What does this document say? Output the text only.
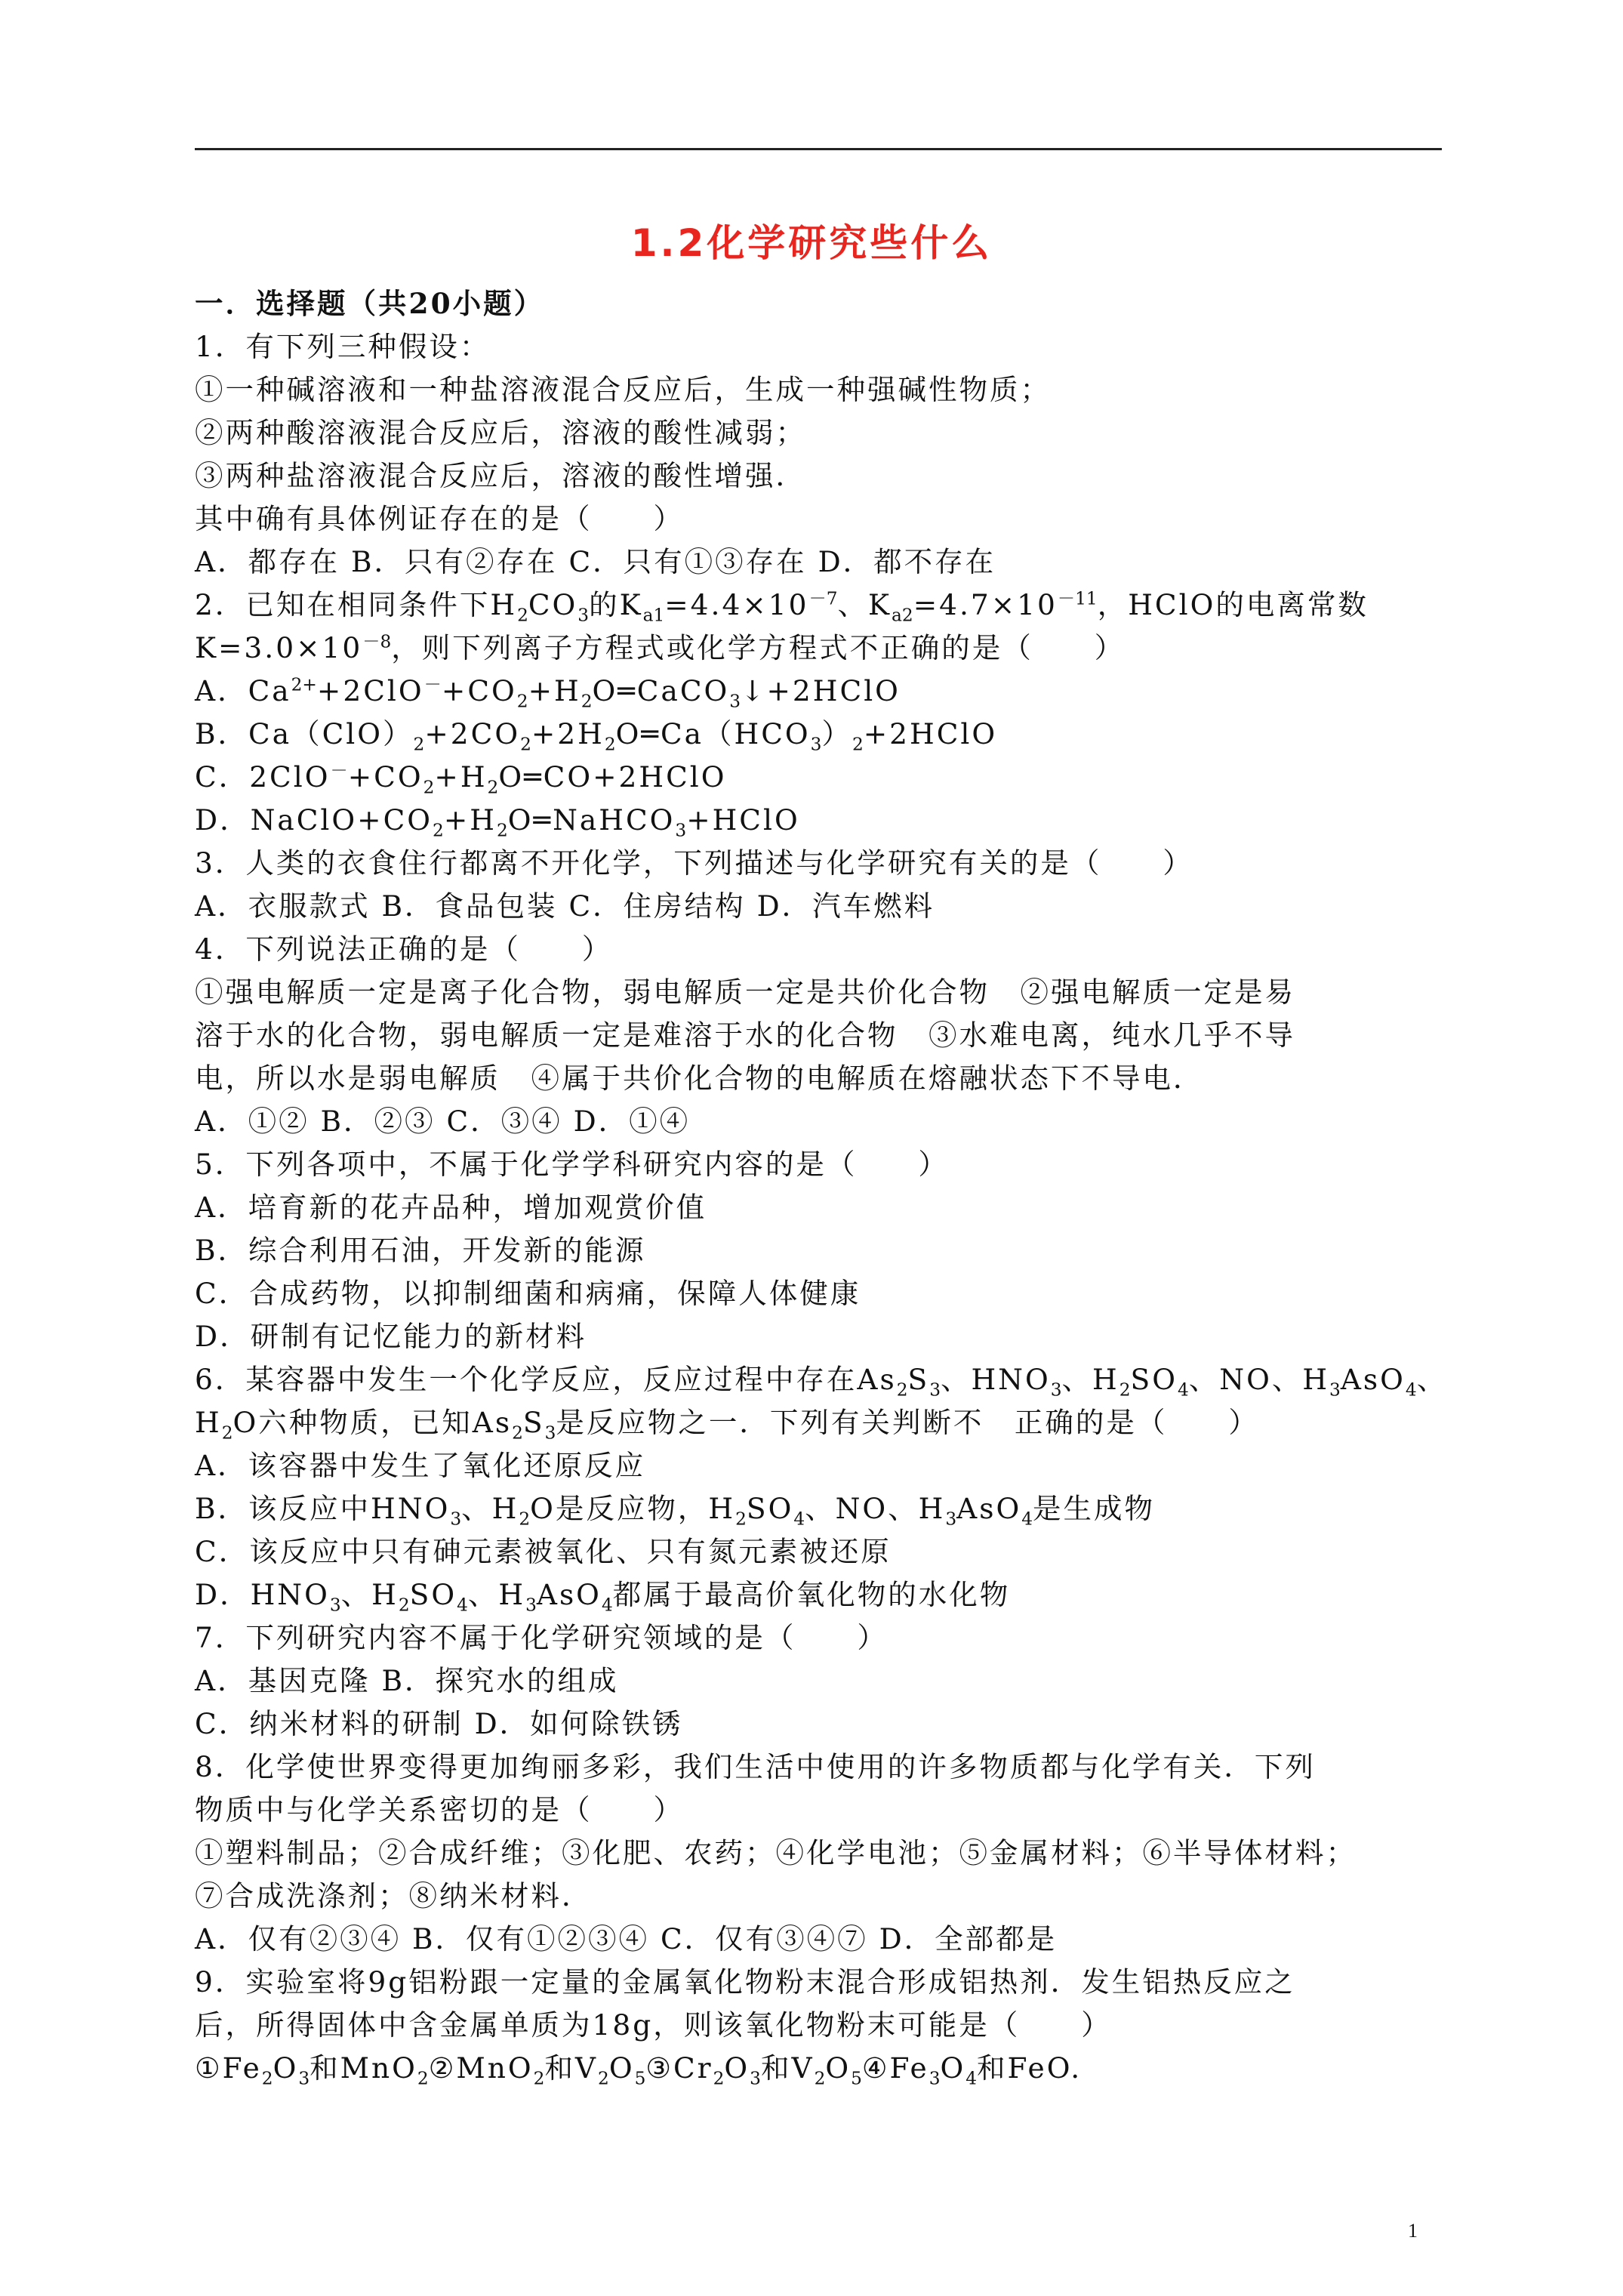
1.2化学研究些什么
一．选择题（共20小题）
1．有下列三种假设：
①一种碱溶液和一种盐溶液混合反应后，生成一种强碱性物质；
②两种酸溶液混合反应后，溶液的酸性减弱；
③两种盐溶液混合反应后，溶液的酸性增强．
其中确有具体例证存在的是（　　）
A．都存在 B．只有②存在 C．只有①③存在 D．都不存在
2．已知在相同条件下$H_2CO_3$的$K_{a1}=4.4\times 10^{-7}$、$K_{a2}=4.7\times 10^{-11}$，HClO的电离常数
$K=3.0\times 10^{-8}$，则下列离子方程式或化学方程式不正确的是（　　）
A．$Ca^{2+}+2ClO^-+CO_2+H_2O═CaCO_3↓+2HClO$
B．$Ca(ClO)_2+2CO_2+2H_2O═Ca(HCO_3)_2+2HClO$
C．$2ClO^-+CO_2+H_2O═CO+2HClO$
D．$NaClO+CO_2+H_2O═NaHCO_3+HClO$
3．人类的衣食住行都离不开化学，下列描述与化学研究有关的是（　　）
A．衣服款式 B．食品包装 C．住房结构 D．汽车燃料
4．下列说法正确的是（　　）
①强电解质一定是离子化合物，弱电解质一定是共价化合物　②强电解质一定是易
溶于水的化合物，弱电解质一定是难溶于水的化合物　③水难电离，纯水几乎不导
电，所以水是弱电解质　④属于共价化合物的电解质在熔融状态下不导电．
A．①② B．②③ C．③④ D．①④
5．下列各项中，不属于化学学科研究内容的是（　　）
A．培育新的花卉品种，增加观赏价值
B．综合利用石油，开发新的能源
C．合成药物，以抑制细菌和病痛，保障人体健康
D．研制有记忆能力的新材料
6．某容器中发生一个化学反应，反应过程中存在$As_2S_3$、$HNO_3$、$H_2SO_4$、NO、$H_3AsO_4$、
$H_2O$六种物质，已知$As_2S_3$是反应物之一．下列有关判断不　正确的是（　　）
A．该容器中发生了氧化还原反应
B．该反应中$HNO_3$、$H_2O$是反应物，$H_2SO_4$、NO、$H_3AsO_4$是生成物
C．该反应中只有砷元素被氧化、只有氮元素被还原
D．$HNO_3$、$H_2SO_4$、$H_3AsO_4$都属于最高价氧化物的水化物
7．下列研究内容不属于化学研究领域的是（　　）
A．基因克隆 B．探究水的组成
C．纳米材料的研制 D．如何除铁锈
8．化学使世界变得更加绚丽多彩，我们生活中使用的许多物质都与化学有关．下列
物质中与化学关系密切的是（　　）
①塑料制品；②合成纤维；③化肥、农药；④化学电池；⑤金属材料；⑥半导体材料；
⑦合成洗涤剂；⑧纳米材料．
A．仅有②③④ B．仅有①②③④ C．仅有③④⑦ D．全部都是
9．实验室将9g铝粉跟一定量的金属氧化物粉末混合形成铝热剂．发生铝热反应之
后，所得固体中含金属单质为18g，则该氧化物粉末可能是（　　）
$①Fe_2O_3$和MnO$_2$②MnO$_2$和$V_2O_5③Cr_2O_3$和$V_2O_5④Fe_3O_4$和FeO.
1
